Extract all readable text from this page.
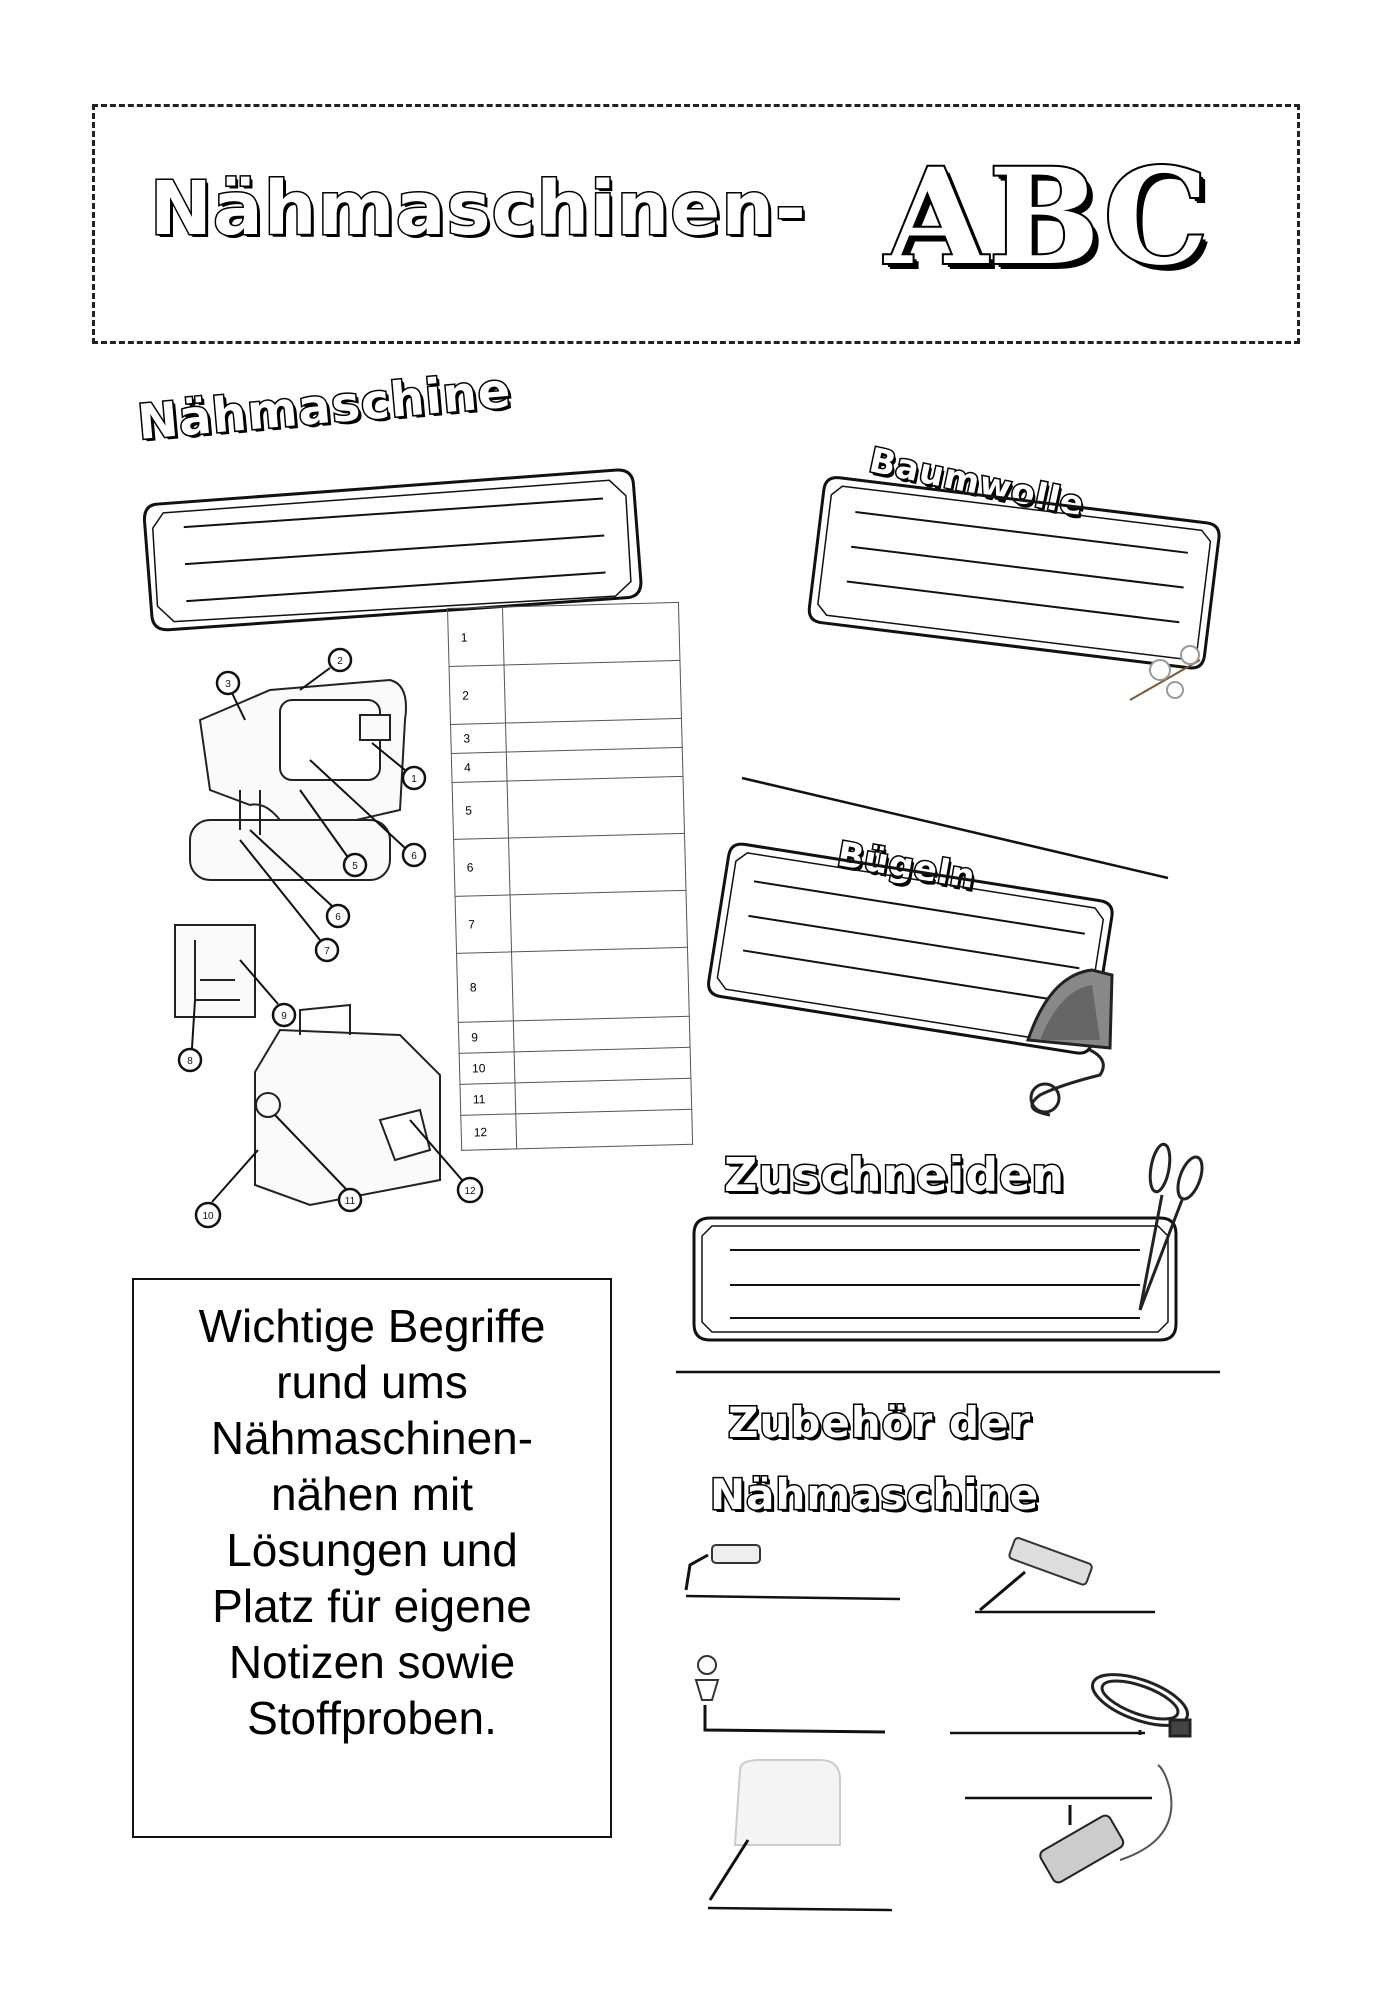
Nähmaschinen- ABC
Nähmaschine
Baumwolle
Bügeln
Zuschneiden
Zubehör der
Nähmaschine
3
2
1
5
6
6
7
8
9
10
11
12
1	
2	
3	
4	
5	
6	
7	
8	
9	
10	
11	
12	
Wichtige Begriffe
rund ums
Nähmaschinen-
nähen mit
Lösungen und
Platz für eigene
Notizen sowie
Stoffproben.
